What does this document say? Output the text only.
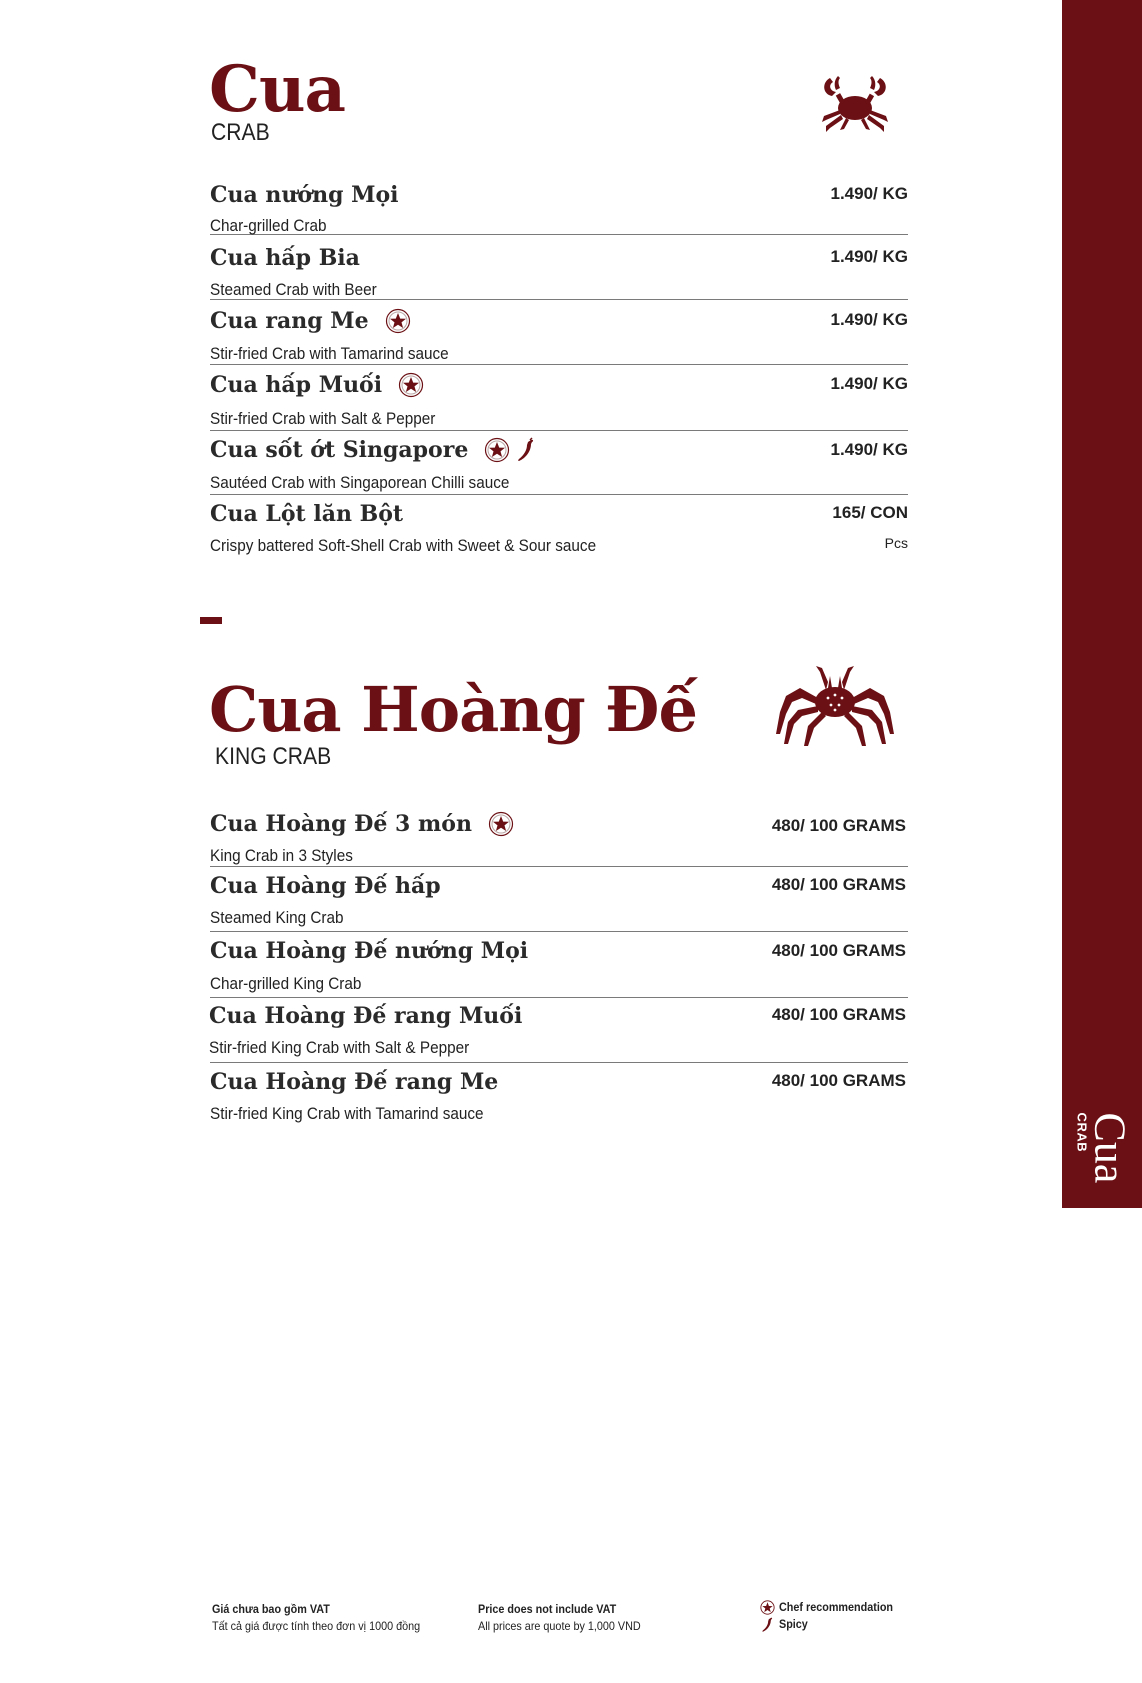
Cua
CRAB
Cua
CRAB
Cua nướng Mọi
Char-grilled Crab
1.490/ KG
Cua hấp Bia
Steamed Crab with Beer
1.490/ KG
Cua rang Me
Stir-fried Crab with Tamarind sauce
1.490/ KG
Cua hấp Muối
Stir-fried Crab with Salt & Pepper
1.490/ KG
Cua sốt ớt Singapore
Sautéed Crab with Singaporean Chilli sauce
1.490/ KG
Cua Lột lăn Bột
Crispy battered Soft-Shell Crab with Sweet & Sour sauce
165/ CON
Pcs
Cua Hoàng Đế
KING CRAB
Cua Hoàng Đế 3 món
King Crab in 3 Styles
480/ 100 GRAMS
Cua Hoàng Đế hấp
Steamed King Crab
480/ 100 GRAMS
Cua Hoàng Đế nướng Mọi
Char-grilled King Crab
480/ 100 GRAMS
Cua Hoàng Đế rang Muối
Stir-fried King Crab with Salt & Pepper
480/ 100 GRAMS
Cua Hoàng Đế rang Me
Stir-fried King Crab with Tamarind sauce
480/ 100 GRAMS
Giá chưa bao gồm VAT
Tất cả giá được tính theo đơn vị 1000 đồng
Price does not include VAT
All prices are quote by 1,000 VND
Chef recommendation
Spicy
